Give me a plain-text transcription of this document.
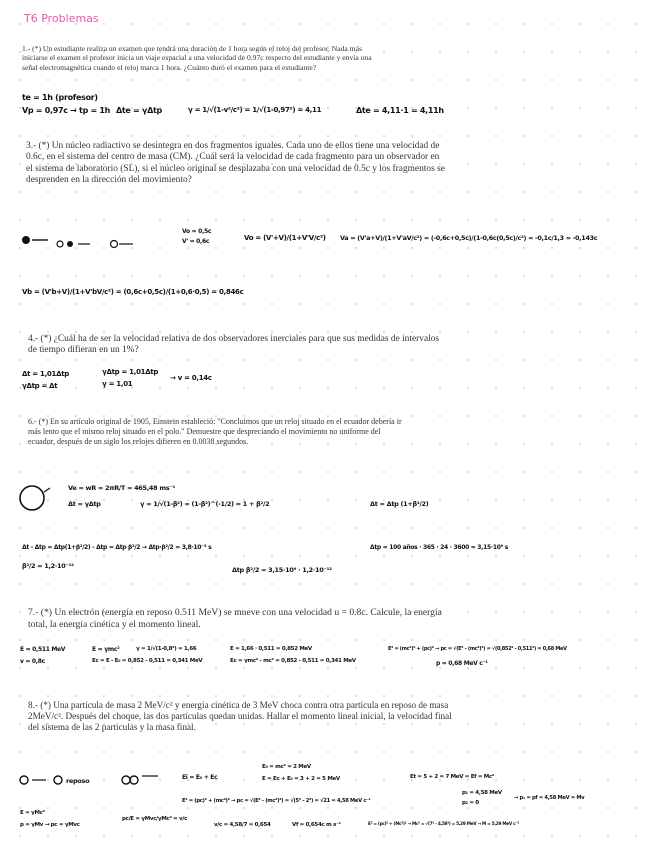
T6 Problemas
1.- (*) Un estudiante realiza un examen que tendrá una duración de 1 hora según el reloj del profesor. Nada más iniciarse el examen el profesor inicia un viaje espacial a una velocidad de 0.97c respecto del estudiante y envía una señal electromagnética cuando el reloj marca 1 hora. ¿Cuánto duró el examen para el estudiante?
te = 1h (profesor)
Vp = 0,97c → tp = 1h Δte = γΔtp	γ = 1/√(1-v²/c²) = 1/√(1-0,97²) = 4,11	Δte = 4,11·1 = 4,11h
3.- (*) Un núcleo radiactivo se desintegra en dos fragmentos iguales. Cada uno de ellos tiene una velocidad de 0.6c, en el sistema del centro de masa (CM). ¿Cuál será la velocidad de cada fragmento para un observador en el sistema de laboratorio (SL), si el núcleo original se desplazaba con una velocidad de 0.5c y los fragmentos se desprenden en la dirección del movimiento?
Vo = 0,5c
V' = 0,6c	Vo = (V'+V)/(1+V'V/c²) Va = (V'a+V)/(1+V'aV/c²) = (-0,6c+0,5c)/(1-0,6c(0,5c)/c²) = -0,1c/1,3 = -0,143c
Vb = (V'b+V)/(1+V'bV/c²) = (0,6c+0,5c)/(1+0,6·0,5) = 0,846c
4.- (*) ¿Cuál ha de ser la velocidad relativa de dos observadores inerciales para que sus medidas de intervalos de tiempo difieran en un 1%?
Δt = 1,01Δtp
γΔtp = Δt
γΔtp = 1,01Δtp
γ = 1,01
→ v = 0,14c
6.- (*) En su artículo original de 1905, Einstein estableció: "Concluimos que un reloj situado en el ecuador debería ir más lento que el mismo reloj situado en el polo." Demuestre que despreciando el movimiento no uniforme del ecuador, después de un siglo los relojes difieren en 0.0038 segundos.
Ve = wR = 2πR/T = 465,48 ms⁻¹
Δt = γΔtp	γ = 1/√(1-β²) = (1-β²)^(-1/2) ≈ 1 + β²/2	Δt = Δtp (1+β²/2)
Δt - Δtp = Δtp(1+β²/2) - Δtp = Δtp β²/2 → Δtp·β²/2 = 3,8·10⁻³ s	Δtp = 100 años · 365 · 24 · 3600 = 3,15·10⁹ s
β²/2 = 1,2·10⁻¹²	Δtp β²/2 = 3,15·10⁹ · 1,2·10⁻¹²
7.- (*) Un electrón (energía en reposo 0.511 MeV) se mueve con una velocidad u = 0.8c. Calcule, la energía total, la energía cinética y el momento lineal.
E = 0,511 MeV
v = 0,8c
E = γmc²	γ = 1/√(1-0,8²) = 1,66
Ec = E - E₀ = 0,852 - 0,511 = 0,341 MeV
E = 1,66 · 0,511 = 0,852 MeV
Ec = γmc² - mc² = 0,852 - 0,511 = 0,341 MeV
E² = (mc²)² + (pc)² → pc = √(E² - (mc²)²) = √(0,852² - 0,511²) = 0,68 MeV
p = 0,68 MeV c⁻¹
8.- (*) Una partícula de masa 2 MeV/c² y energía cinética de 3 MeV choca contra otra partícula en reposo de masa 2MeV/c². Después del choque, las dos partículas quedan unidas. Hallar el momento lineal inicial, la velocidad final del sistema de las 2 partículas y la masa final.
reposo	Ei = E₀ + Ec
E₀ = mc² = 2 MeV
E = Ec + E₀ = 3 + 2 = 5 MeV	Et = 5 + 2 = 7 MeV = Ef = Mc²
E² = (pc)² + (mc²)² → pc = √(E² - (mc²)²) = √(5² - 2²) = √21 = 4,58 MeV c⁻¹
p₁ = 4,58 MeV
p₂ = 0
→ p₁ = pf = 4,58 MeV = Mv
E = γMc²
p = γMv → pc = γMvc
pc/E = γMvc/γMc² = v/c
v/c = 4,58/7 = 0,654	Vf = 0,654c m s⁻¹	E² = (pc)² + (Mc²)² → Mc² = √(7² - 4,58²) = 5,29 MeV → M = 5,29 MeV c⁻²
